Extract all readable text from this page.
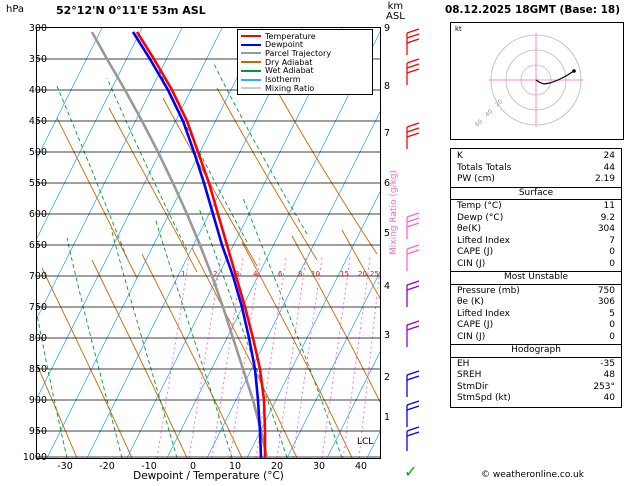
hPa	52°12'N 0°11'E 53m ASL	km
ASL
1	2	3 4	6 8 10	15 20 25
300
350
400
450
500
550
600
650
700
750
800
850
900
950
1000
9
8
7
6
5
4
3
2
1
LCL
-30	-20	-10	0	10	20	30	40
Dewpoint / Temperature (°C)
Mixing Ratio (g/kg)
Temperature
Dewpoint
Parcel Trajectory
Dry Adiabat
Wet Adiabat
Isotherm
Mixing Ratio
✓
08.12.2025 18GMT (Base: 18)
kt
20
40
60
K	24
Totals Totals	44
PW (cm)	2.19
Surface
Temp (°C)	11
Dewp (°C)	9.2
θe(K)	304
Lifted Index	7
CAPE (J)	0
CIN (J)	0
Most Unstable
Pressure (mb)	750
θe (K)	306
Lifted Index	5
CAPE (J)	0
CIN (J)	0
Hodograph
EH	-35
SREH	48
StmDir	253°
StmSpd (kt)	40
© weatheronline.co.uk
